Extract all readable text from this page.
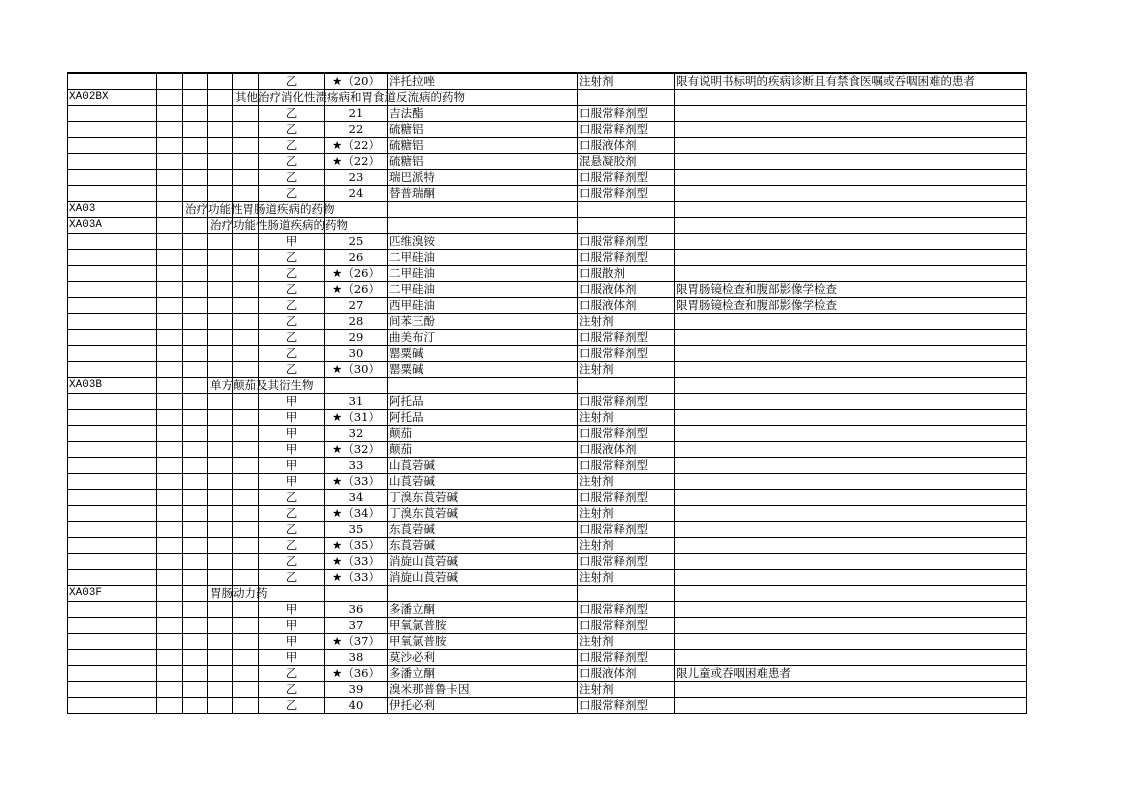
					乙	★（20）	泮托拉唑	注射剂	限有说明书标明的疾病诊断且有禁食医嘱或吞咽困难的患者
XA02BX				其他治疗消化性溃疡病和胃食道反流病的药物					

					乙	21	吉法酯	口服常释剂型	
					乙	22	硫糖铝	口服常释剂型	
					乙	★（22）	硫糖铝	口服液体剂	
					乙	★（22）	硫糖铝	混悬凝胶剂	
					乙	23	瑞巴派特	口服常释剂型	
					乙	24	替普瑞酮	口服常释剂型	
XA03		治疗功能性胃肠道疾病的药物							

XA03A			治疗功能性肠道疾病的药物						

					甲	25	匹维溴铵	口服常释剂型	
					乙	26	二甲硅油	口服常释剂型	
					乙	★（26）	二甲硅油	口服散剂	
					乙	★（26）	二甲硅油	口服液体剂	限胃肠镜检查和腹部影像学检查
					乙	27	西甲硅油	口服液体剂	限胃肠镜检查和腹部影像学检查
					乙	28	间苯三酚	注射剂	
					乙	29	曲美布汀	口服常释剂型	
					乙	30	罂粟碱	口服常释剂型	
					乙	★（30）	罂粟碱	注射剂	
XA03B			单方颠茄及其衍生物						

					甲	31	阿托品	口服常释剂型	
					甲	★（31）	阿托品	注射剂	
					甲	32	颠茄	口服常释剂型	
					甲	★（32）	颠茄	口服液体剂	
					甲	33	山莨菪碱	口服常释剂型	
					甲	★（33）	山莨菪碱	注射剂	
					乙	34	丁溴东莨菪碱	口服常释剂型	
					乙	★（34）	丁溴东莨菪碱	注射剂	
					乙	35	东莨菪碱	口服常释剂型	
					乙	★（35）	东莨菪碱	注射剂	
					乙	★（33）	消旋山莨菪碱	口服常释剂型	
					乙	★（33）	消旋山莨菪碱	注射剂	
XA03F			胃肠动力药						

					甲	36	多潘立酮	口服常释剂型	
					甲	37	甲氧氯普胺	口服常释剂型	
					甲	★（37）	甲氧氯普胺	注射剂	
					甲	38	莫沙必利	口服常释剂型	
					乙	★（36）	多潘立酮	口服液体剂	限儿童或吞咽困难患者
					乙	39	溴米那普鲁卡因	注射剂	
					乙	40	伊托必利	口服常释剂型	
